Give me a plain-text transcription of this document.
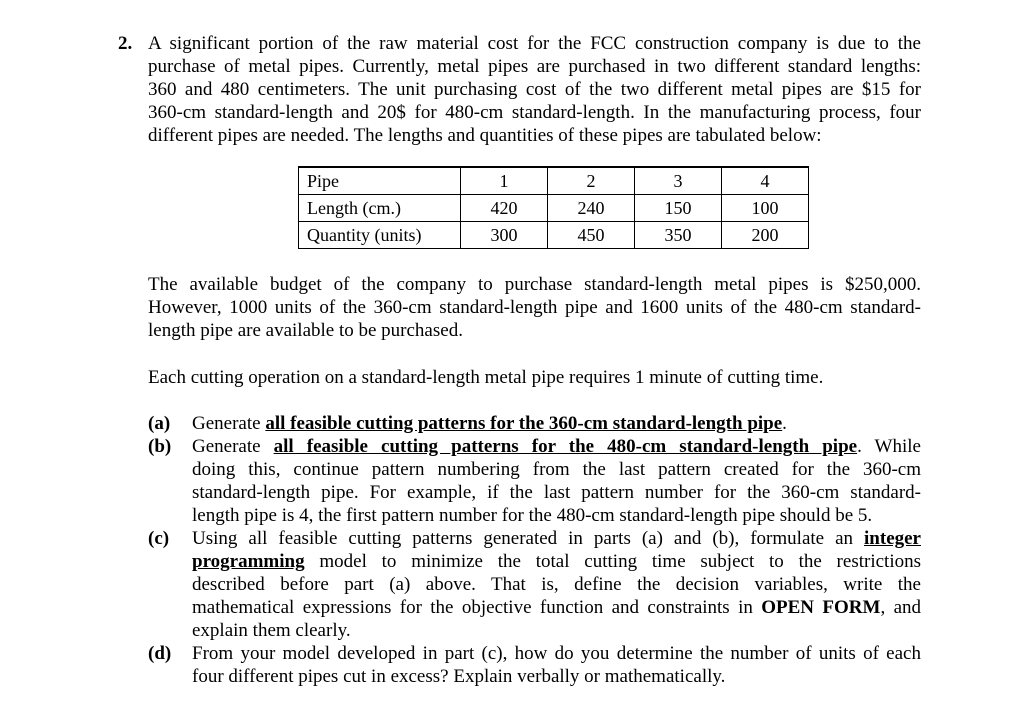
2. A significant portion of the raw material cost for the FCC construction company is due to the
purchase of metal pipes. Currently, metal pipes are purchased in two different standard lengths:
360 and 480 centimeters. The unit purchasing cost of the two different metal pipes are $15 for
360-cm standard-length and 20$ for 480-cm standard-length. In the manufacturing process, four
different pipes are needed. The lengths and quantities of these pipes are tabulated below:
Pipe	1	2	3	4
Length (cm.)	420	240	150	100
Quantity (units)	300	450	350	200
The available budget of the company to purchase standard-length metal pipes is $250,000.
However, 1000 units of the 360-cm standard-length pipe and 1600 units of the 480-cm standard-
length pipe are available to be purchased.
Each cutting operation on a standard-length metal pipe requires 1 minute of cutting time.
(a) Generate all feasible cutting patterns for the 360-cm standard-length pipe.
(b) Generate all feasible cutting patterns for the 480-cm standard-length pipe. While
doing this, continue pattern numbering from the last pattern created for the 360-cm
standard-length pipe. For example, if the last pattern number for the 360-cm standard-
length pipe is 4, the first pattern number for the 480-cm standard-length pipe should be 5.
(c) Using all feasible cutting patterns generated in parts (a) and (b), formulate an integer
programming model to minimize the total cutting time subject to the restrictions
described before part (a) above. That is, define the decision variables, write the
mathematical expressions for the objective function and constraints in OPEN FORM, and
explain them clearly.
(d) From your model developed in part (c), how do you determine the number of units of each
four different pipes cut in excess? Explain verbally or mathematically.
